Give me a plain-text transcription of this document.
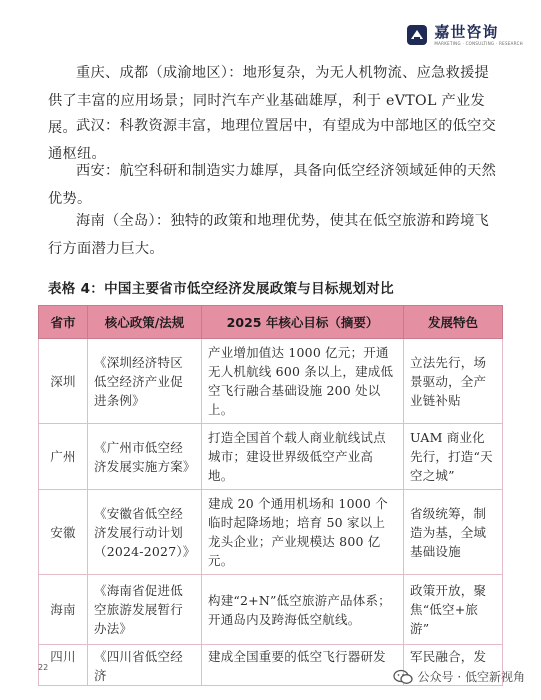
嘉世咨询
MARKETING · CONSULTING · RESEARCH

重庆、成都（成渝地区）：地形复杂，为无人机物流、应急救援提供了丰富的应用场景；同时汽车产业基础雄厚，利于 eVTOL 产业发展。 武汉：科教资源丰富，地理位置居中，有望成为中部地区的低空交通枢纽。

西安：航空科研和制造实力雄厚，具备向低空经济领域延伸的天然优势。

海南（全岛）：独特的政策和地理优势，使其在低空旅游和跨境飞行方面潜力巨大。

表格 4：中国主要省市低空经济发展政策与目标规划对比
省市	核心政策/法规	2025 年核心目标（摘要）	发展特色
深圳	《深圳经济特区低空经济产业促进条例》	产业增加值达 1000 亿元；开通无人机航线 600 条以上，建成低空飞行融合基础设施 200 处以上。	立法先行，场景驱动，全产业链补贴
广州	《广州市低空经济发展实施方案》	打造全国首个载人商业航线试点城市；建设世界级低空产业高地。	UAM 商业化先行，打造“天空之城”
安徽	《安徽省低空经济发展行动计划（2024-2027）》	建成 20 个通用机场和 1000 个临时起降场地；培育 50 家以上龙头企业；产业规模达 800 亿元。	省级统筹，制造为基，全域基础设施
海南	《海南省促进低空旅游发展暂行办法》	构建“2+N”低空旅游产品体系；开通岛内及跨海低空航线。	政策开放，聚焦“低空+旅游”
四川	《四川省低空经济	建成全国重要的低空飞行器研发	军民融合，发
22
公众号 · 低空新视角
